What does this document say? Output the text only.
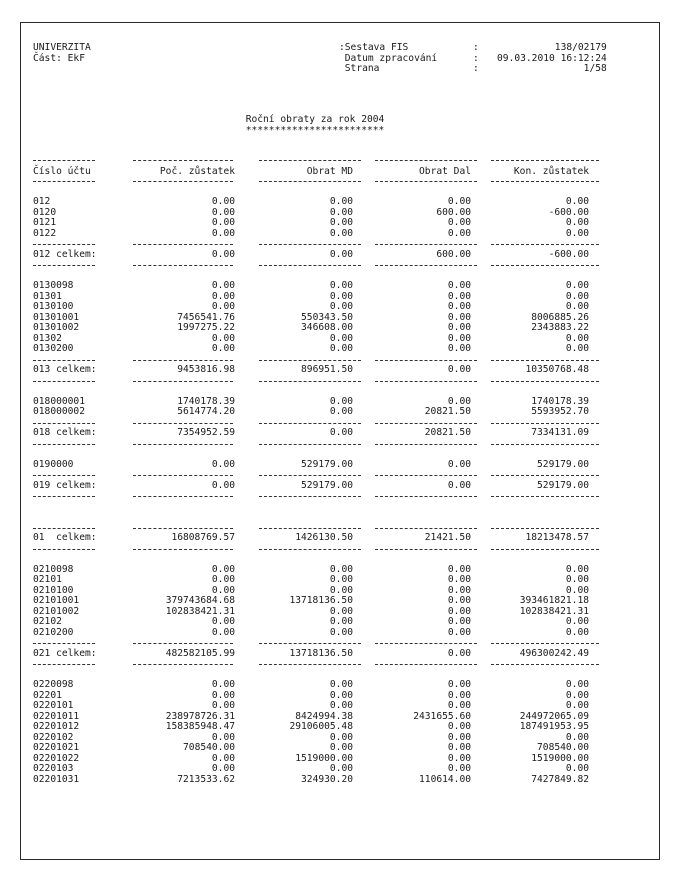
UNIVERZITA
Část: EkF
:Sestava FIS	:	138/02179
Datum zpracování	:	09.03.2010 16:12:24
Strana	:	1/58
Roční obraty za rok 2004
************************
Číslo účtu	Poč. zůstatek	Obrat MD	Obrat Dal	Kon. zůstatek
012	0.00	0.00	0.00	0.00
0120	0.00	0.00	600.00	-600.00
0121	0.00	0.00	0.00	0.00
0122	0.00	0.00	0.00	0.00
012 celkem:	0.00	0.00	600.00	-600.00
0130098	0.00	0.00	0.00	0.00
01301	0.00	0.00	0.00	0.00
0130100	0.00	0.00	0.00	0.00
01301001	7456541.76	550343.50	0.00	8006885.26
01301002	1997275.22	346608.00	0.00	2343883.22
01302	0.00	0.00	0.00	0.00
0130200	0.00	0.00	0.00	0.00
013 celkem:	9453816.98	896951.50	0.00	10350768.48
018000001	1740178.39	0.00	0.00	1740178.39
018000002	5614774.20	0.00	20821.50	5593952.70
018 celkem:	7354952.59	0.00	20821.50	7334131.09
0190000	0.00	529179.00	0.00	529179.00
019 celkem:	0.00	529179.00	0.00	529179.00
01  celkem:	16808769.57	1426130.50	21421.50	18213478.57
0210098	0.00	0.00	0.00	0.00
02101	0.00	0.00	0.00	0.00
0210100	0.00	0.00	0.00	0.00
02101001	379743684.68	13718136.50	0.00	393461821.18
02101002	102838421.31	0.00	0.00	102838421.31
02102	0.00	0.00	0.00	0.00
0210200	0.00	0.00	0.00	0.00
021 celkem:	482582105.99	13718136.50	0.00	496300242.49
0220098	0.00	0.00	0.00	0.00
02201	0.00	0.00	0.00	0.00
0220101	0.00	0.00	0.00	0.00
02201011	238978726.31	8424994.38	2431655.60	244972065.09
02201012	158385948.47	29106005.48	0.00	187491953.95
0220102	0.00	0.00	0.00	0.00
02201021	708540.00	0.00	0.00	708540.00
02201022	0.00	1519000.00	0.00	1519000.00
0220103	0.00	0.00	0.00	0.00
02201031	7213533.62	324930.20	110614.00	7427849.82
